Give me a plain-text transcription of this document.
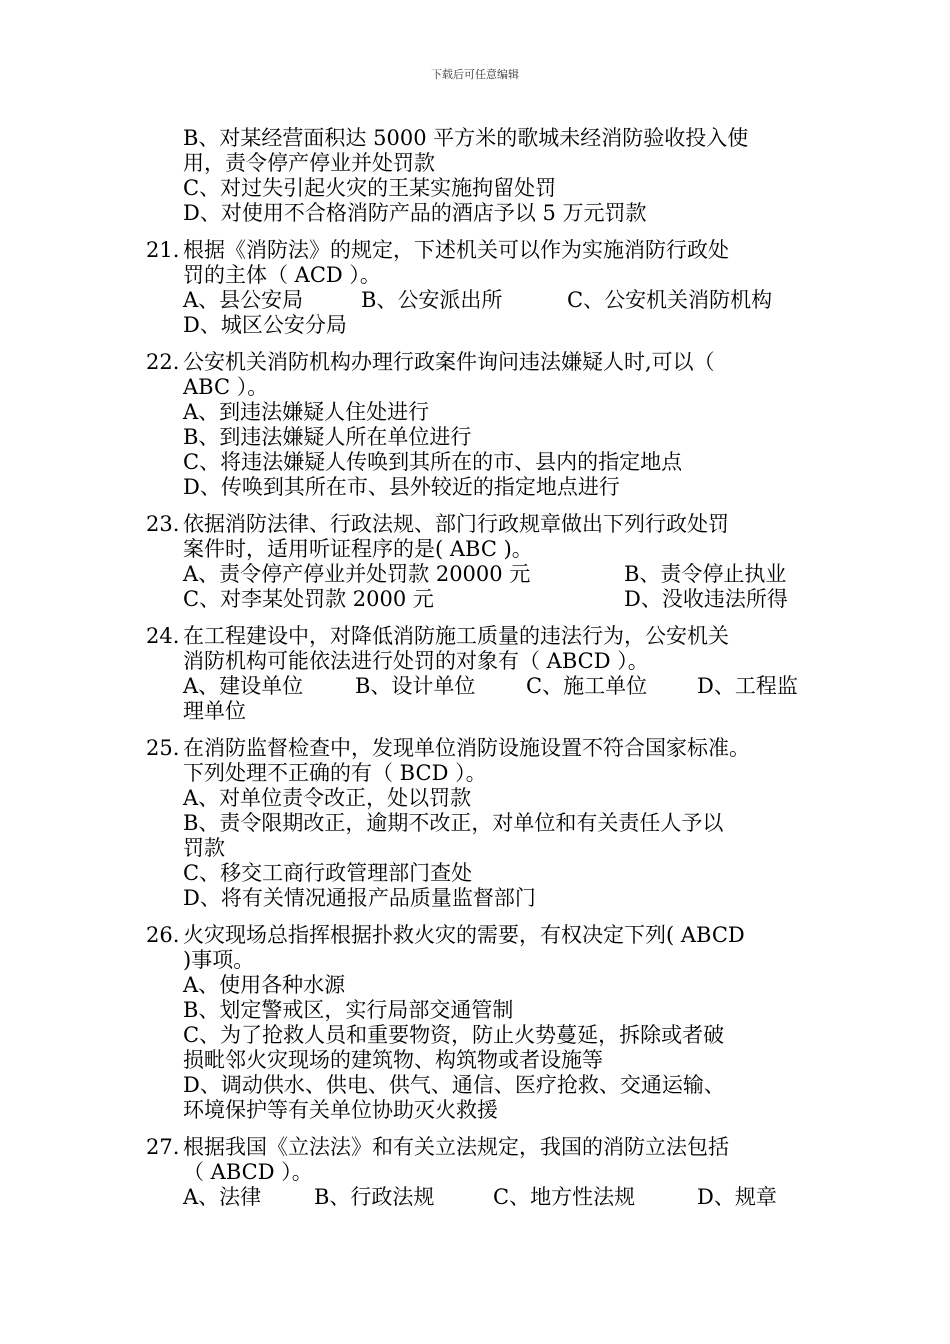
下载后可任意编辑
B、对某经营面积达 5000 平方米的歌城未经消防验收投入使
用，责令停产停业并处罚款
C、对过失引起火灾的王某实施拘留处罚
D、对使用不合格消防产品的酒店予以 5 万元罚款
21. 根据《消防法》的规定，下述机关可以作为实施消防行政处
罚的主体（ ACD ）。
A、县公安局	B、公安派出所	C、公安机关消防机构
D、城区公安分局
22. 公安机关消防机构办理行政案件询问违法嫌疑人时,可以（
ABC ）。
A、到违法嫌疑人住处进行
B、到违法嫌疑人所在单位进行
C、将违法嫌疑人传唤到其所在的市、县内的指定地点
D、传唤到其所在市、县外较近的指定地点进行
23. 依据消防法律、行政法规、部门行政规章做出下列行政处罚
案件时，适用听证程序的是( ABC )。
A、责令停产停业并处罚款 20000 元	B、责令停止执业
C、对李某处罚款 2000 元	D、没收违法所得
24. 在工程建设中，对降低消防施工质量的违法行为，公安机关
消防机构可能依法进行处罚的对象有（ ABCD ）。
A、建设单位	B、设计单位	C、施工单位	D、工程监
理单位
25. 在消防监督检查中，发现单位消防设施设置不符合国家标准。
下列处理不正确的有（ BCD ）。
A、对单位责令改正，处以罚款
B、责令限期改正，逾期不改正，对单位和有关责任人予以
罚款
C、移交工商行政管理部门查处
D、将有关情况通报产品质量监督部门
26. 火灾现场总指挥根据扑救火灾的需要，有权决定下列( ABCD
)事项。
A、使用各种水源
B、划定警戒区，实行局部交通管制
C、为了抢救人员和重要物资，防止火势蔓延，拆除或者破
损毗邻火灾现场的建筑物、构筑物或者设施等
D、调动供水、供电、供气、通信、医疗抢救、交通运输、
环境保护等有关单位协助灭火救援
27. 根据我国《立法法》和有关立法规定，我国的消防立法包括
（ ABCD ）。
A、法律	B、行政法规	C、地方性法规	D、规章
